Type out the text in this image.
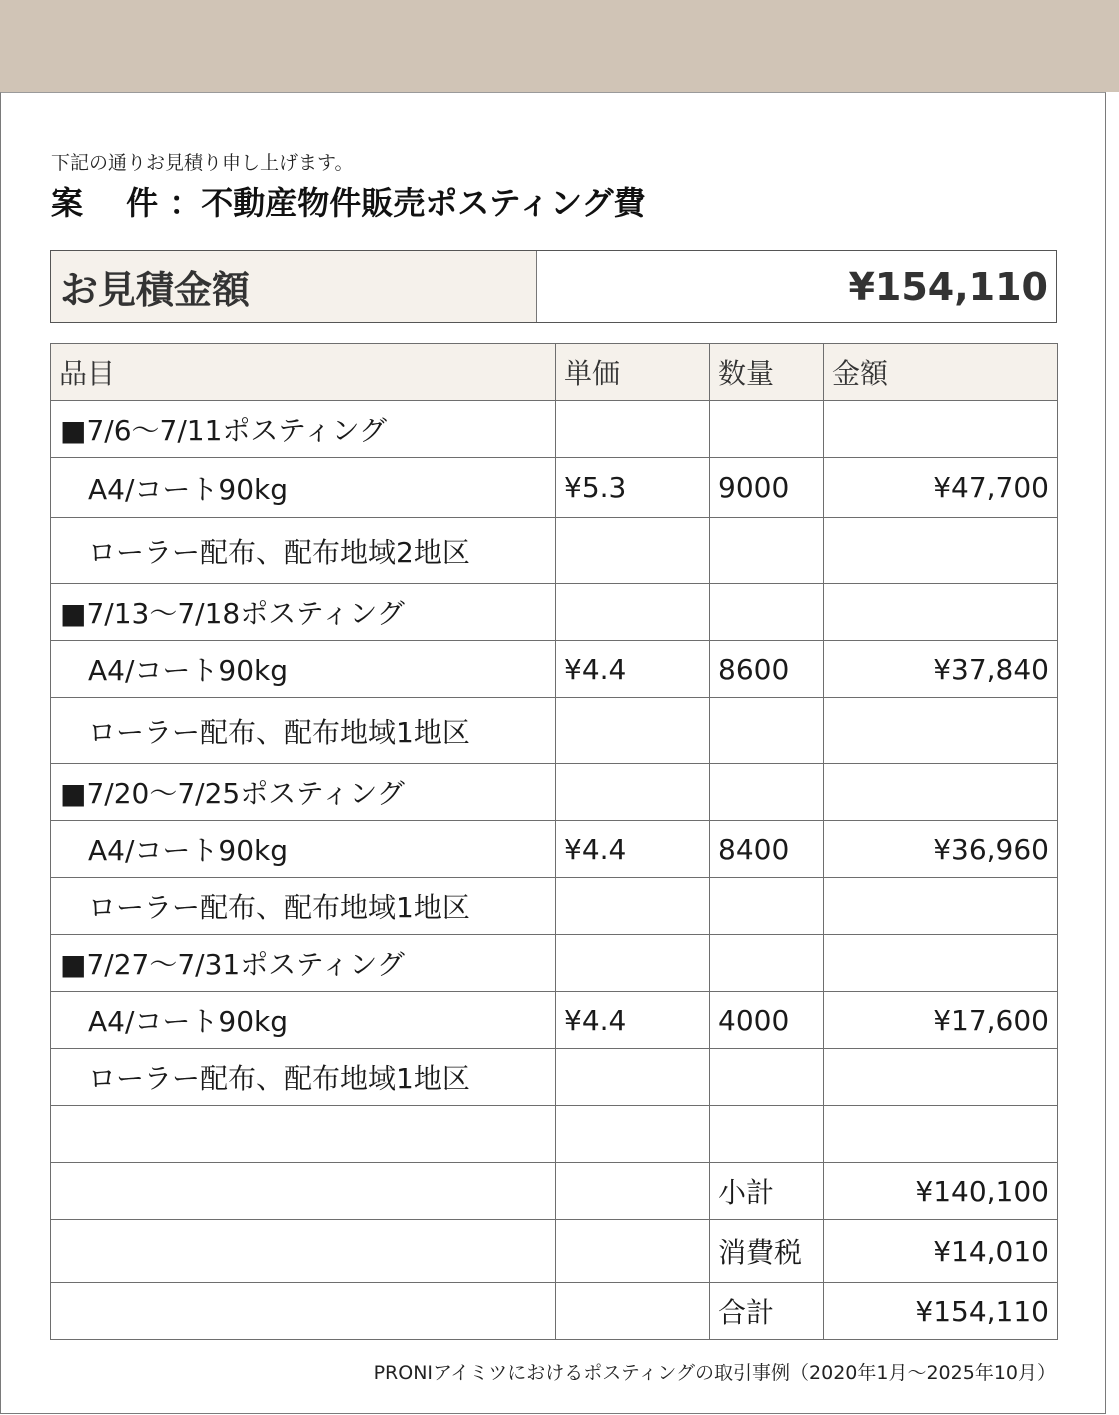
下記の通りお見積り申し上げます。
案　 件 ：不動産物件販売ポスティング費
お見積金額	¥154,110
品目	単価	数量	金額
■7/6〜7/11ポスティング			
A4/コート90kg	¥5.3	9000	¥47,700
ローラー配布、配布地域2地区			
■7/13〜7/18ポスティング			
A4/コート90kg	¥4.4	8600	¥37,840
ローラー配布、配布地域1地区			
■7/20〜7/25ポスティング			
A4/コート90kg	¥4.4	8400	¥36,960
ローラー配布、配布地域1地区			
■7/27〜7/31ポスティング			
A4/コート90kg	¥4.4	4000	¥17,600
ローラー配布、配布地域1地区			

		小計	¥140,100
		消費税	¥14,010
		合計	¥154,110
PRONIアイミツにおけるポスティングの取引事例（2020年1月〜2025年10月）
